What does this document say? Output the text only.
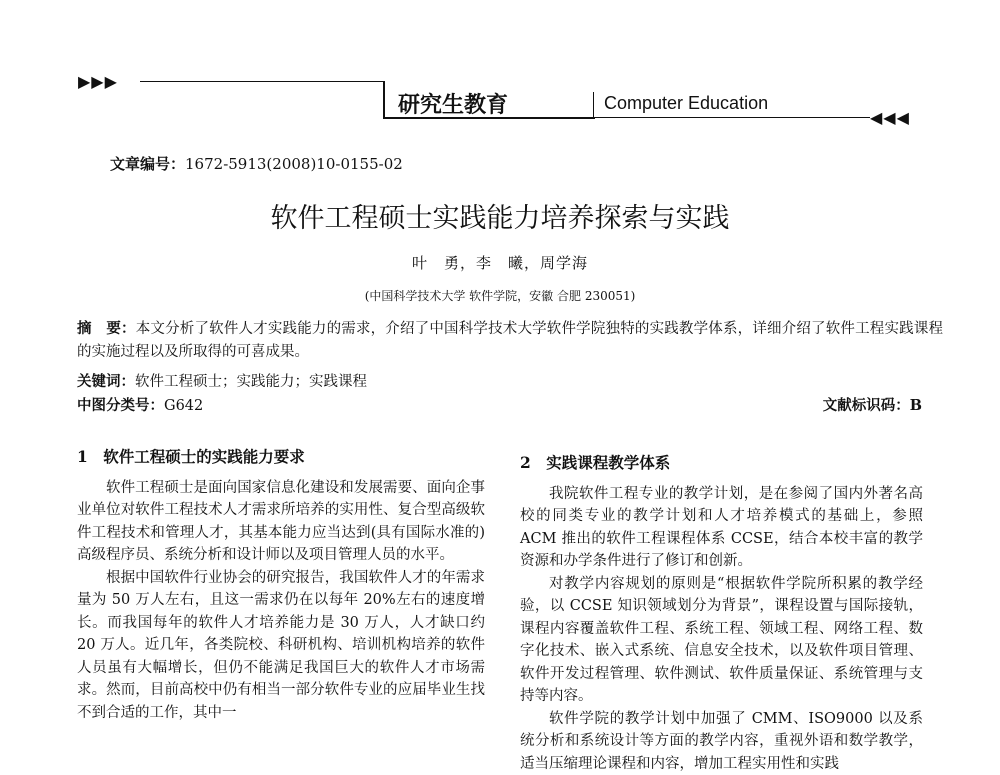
▶▶▶
研究生教育	Computer Education
◀◀◀
文章编号：1672-5913(2008)10-0155-02
软件工程硕士实践能力培养探索与实践
叶　勇，李　曦，周学海
(中国科学技术大学 软件学院，安徽 合肥 230051)
摘　要：本文分析了软件人才实践能力的需求，介绍了中国科学技术大学软件学院独特的实践教学体系，详细介绍了软件工程实践课程的实施过程以及所取得的可喜成果。
关键词：软件工程硕士；实践能力；实践课程
中图分类号：G642	文献标识码：B
1　软件工程硕士的实践能力要求

软件工程硕士是面向国家信息化建设和发展需要、面向企事业单位对软件工程技术人才需求所培养的实用性、复合型高级软件工程技术和管理人才，其基本能力应当达到(具有国际水准的)高级程序员、系统分析和设计师以及项目管理人员的水平。

根据中国软件行业协会的研究报告，我国软件人才的年需求量为 50 万人左右，且这一需求仍在以每年 20%左右的速度增长。而我国每年的软件人才培养能力是 30 万人，人才缺口约 20 万人。近几年，各类院校、科研机构、培训机构培养的软件人员虽有大幅增长，但仍不能满足我国巨大的软件人才市场需求。然而，目前高校中仍有相当一部分软件专业的应届毕业生找不到合适的工作，其中一

2　实践课程教学体系

我院软件工程专业的教学计划，是在参阅了国内外著名高校的同类专业的教学计划和人才培养模式的基础上，参照 ACM 推出的软件工程课程体系 CCSE，结合本校丰富的教学资源和办学条件进行了修订和创新。

对教学内容规划的原则是“根据软件学院所积累的教学经验，以 CCSE 知识领域划分为背景”，课程设置与国际接轨，课程内容覆盖软件工程、系统工程、领域工程、网络工程、数字化技术、嵌入式系统、信息安全技术，以及软件项目管理、软件开发过程管理、软件测试、软件质量保证、系统管理与支持等内容。

软件学院的教学计划中加强了 CMM、ISO9000 以及系统分析和系统设计等方面的教学内容，重视外语和数学教学，适当压缩理论课程和内容，增加工程实用性和实践
